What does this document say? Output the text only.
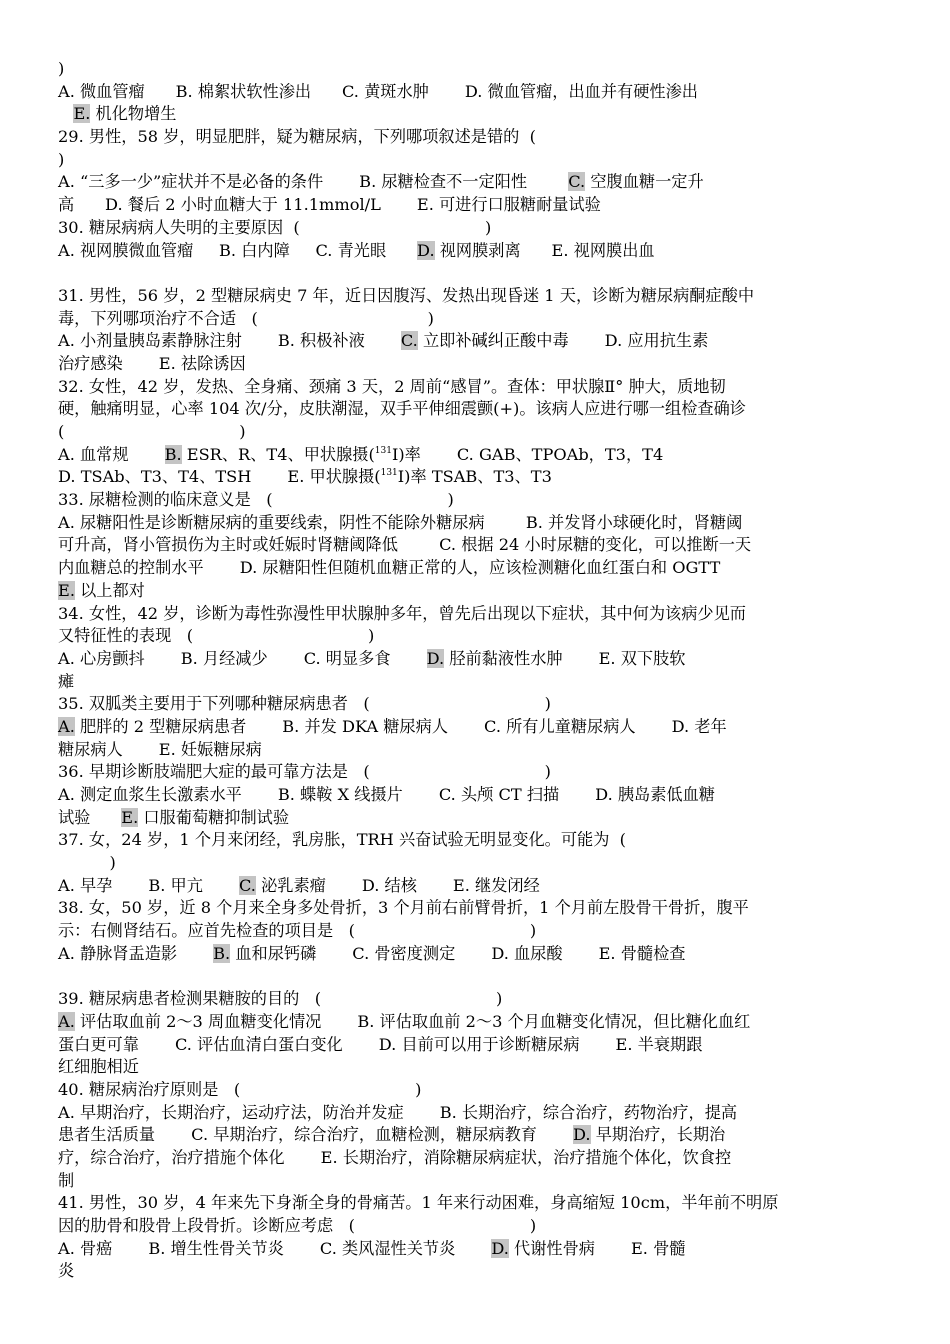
)
A. 微血管瘤      B. 棉絮状软性渗出      C. 黄斑水肿       D. 微血管瘤，出血并有硬性渗出
E. 机化物增生
29. 男性，58 岁，明显肥胖，疑为糖尿病，下列哪项叙述是错的  (
)
A. “三多一少”症状并不是必备的条件       B. 尿糖检查不一定阳性        C. 空腹血糖一定升
高      D. 餐后 2 小时血糖大于 11.1mmol/L       E. 可进行口服糖耐量试验
30. 糖尿病病人失明的主要原因  (                                    )
A. 视网膜微血管瘤     B. 白内障     C. 青光眼      D. 视网膜剥离      E. 视网膜出血
31. 男性，56 岁，2 型糖尿病史 7 年，近日因腹泻、发热出现昏迷 1 天，诊断为糖尿病酮症酸中
毒，下列哪项治疗不合适   (                                 )
A. 小剂量胰岛素静脉注射       B. 积极补液       C. 立即补碱纠正酸中毒       D. 应用抗生素
治疗感染       E. 祛除诱因
32. 女性，42 岁，发热、全身痛、颈痛 3 天，2 周前“感冒”。查体：甲状腺Ⅱ° 肿大，质地韧
硬，触痛明显，心率 104 次/分，皮肤潮湿，双手平伸细震颤(+)。该病人应进行哪一组检查确诊
(                                  )
A. 血常规       B. ESR、R、T4、甲状腺摄($^{131}$I)率       C. GAB、TPOAb，T3，T4
D. TSAb、T3、T4、TSH       E. 甲状腺摄($^{131}$I)率 TSAB、T3、T3
33. 尿糖检测的临床意义是   (                                  )
A. 尿糖阳性是诊断糖尿病的重要线索，阴性不能除外糖尿病        B. 并发肾小球硬化时，肾糖阈
可升高，肾小管损伤为主时或妊娠时肾糖阈降低        C. 根据 24 小时尿糖的变化，可以推断一天
内血糖总的控制水平       D. 尿糖阳性但随机血糖正常的人，应该检测糖化血红蛋白和 OGTT
E. 以上都对
34. 女性，42 岁，诊断为毒性弥漫性甲状腺肿多年，曾先后出现以下症状，其中何为该病少见而
又特征性的表现   (                                  )
A. 心房颤抖       B. 月经减少       C. 明显多食       D. 胫前黏液性水肿       E. 双下肢软
瘫
35. 双胍类主要用于下列哪种糖尿病患者   (                                  )
A. 肥胖的 2 型糖尿病患者       B. 并发 DKA 糖尿病人       C. 所有儿童糖尿病人       D. 老年
糖尿病人       E. 妊娠糖尿病
36. 早期诊断肢端肥大症的最可靠方法是   (                                  )
A. 测定血浆生长激素水平       B. 蝶鞍 X 线摄片       C. 头颅 CT 扫描       D. 胰岛素低血糖
试验      E. 口服葡萄糖抑制试验
37. 女，24 岁，1 个月来闭经，乳房胀，TRH 兴奋试验无明显变化。可能为  (
)
A. 早孕       B. 甲亢       C. 泌乳素瘤       D. 结核       E. 继发闭经
38. 女，50 岁，近 8 个月来全身多处骨折，3 个月前右前臂骨折，1 个月前左股骨干骨折，腹平
示：右侧肾结石。应首先检查的项目是   (                                  )
A. 静脉肾盂造影       B. 血和尿钙磷       C. 骨密度测定       D. 血尿酸       E. 骨髓检查
39. 糖尿病患者检测果糖胺的目的   (                                  )
A. 评估取血前 2～3 周血糖变化情况       B. 评估取血前 2～3 个月血糖变化情况，但比糖化血红
蛋白更可靠       C. 评估血清白蛋白变化       D. 目前可以用于诊断糖尿病       E. 半衰期跟
红细胞相近
40. 糖尿病治疗原则是   (                                  )
A. 早期治疗，长期治疗，运动疗法，防治并发症       B. 长期治疗，综合治疗，药物治疗，提高
患者生活质量       C. 早期治疗，综合治疗，血糖检测，糖尿病教育       D. 早期治疗，长期治
疗，综合治疗，治疗措施个体化       E. 长期治疗，消除糖尿病症状，治疗措施个体化，饮食控
制
41. 男性，30 岁，4 年来先下身渐全身的骨痛苦。1 年来行动困难，身高缩短 10cm，半年前不明原
因的肋骨和股骨上段骨折。诊断应考虑   (                                  )
A. 骨癌       B. 增生性骨关节炎       C. 类风湿性关节炎       D. 代谢性骨病       E. 骨髓
炎
